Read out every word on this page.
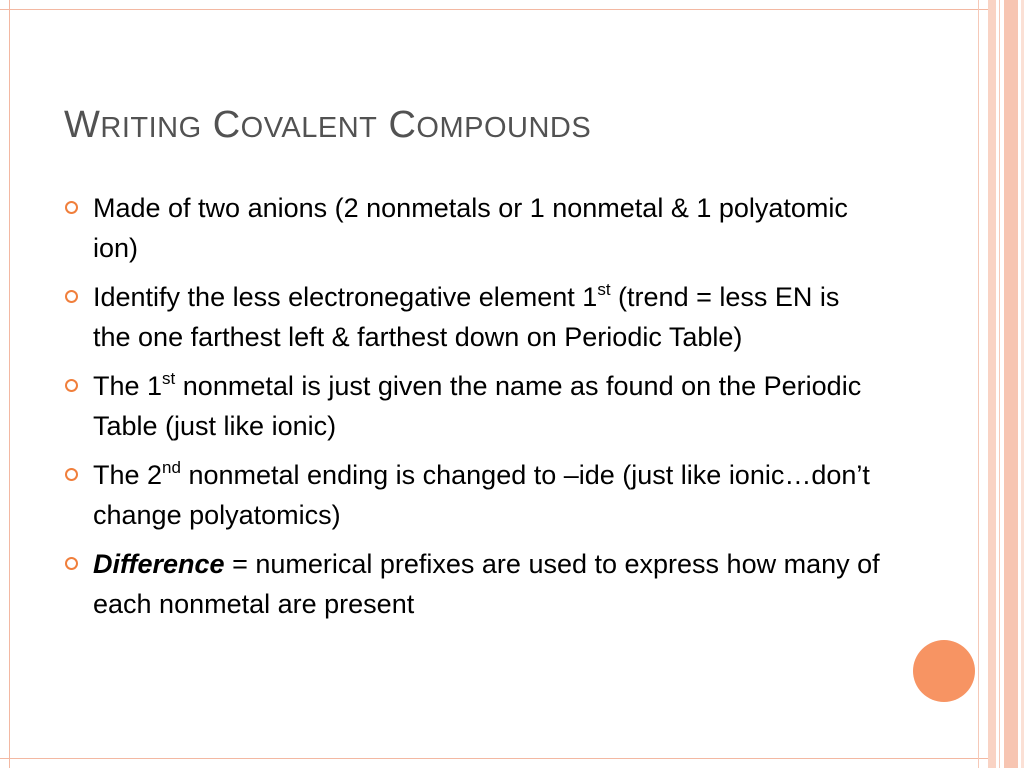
WRITING COVALENT COMPOUNDS
Made of two anions (2 nonmetals or 1 nonmetal & 1 polyatomic ion)
Identify the less electronegative element 1st (trend = less EN is the one farthest left & farthest down on Periodic Table)
The 1st nonmetal is just given the name as found on the Periodic Table (just like ionic)
The 2nd nonmetal ending is changed to –ide (just like ionic…don’t change polyatomics)
Difference = numerical prefixes are used to express how many of each nonmetal are present
